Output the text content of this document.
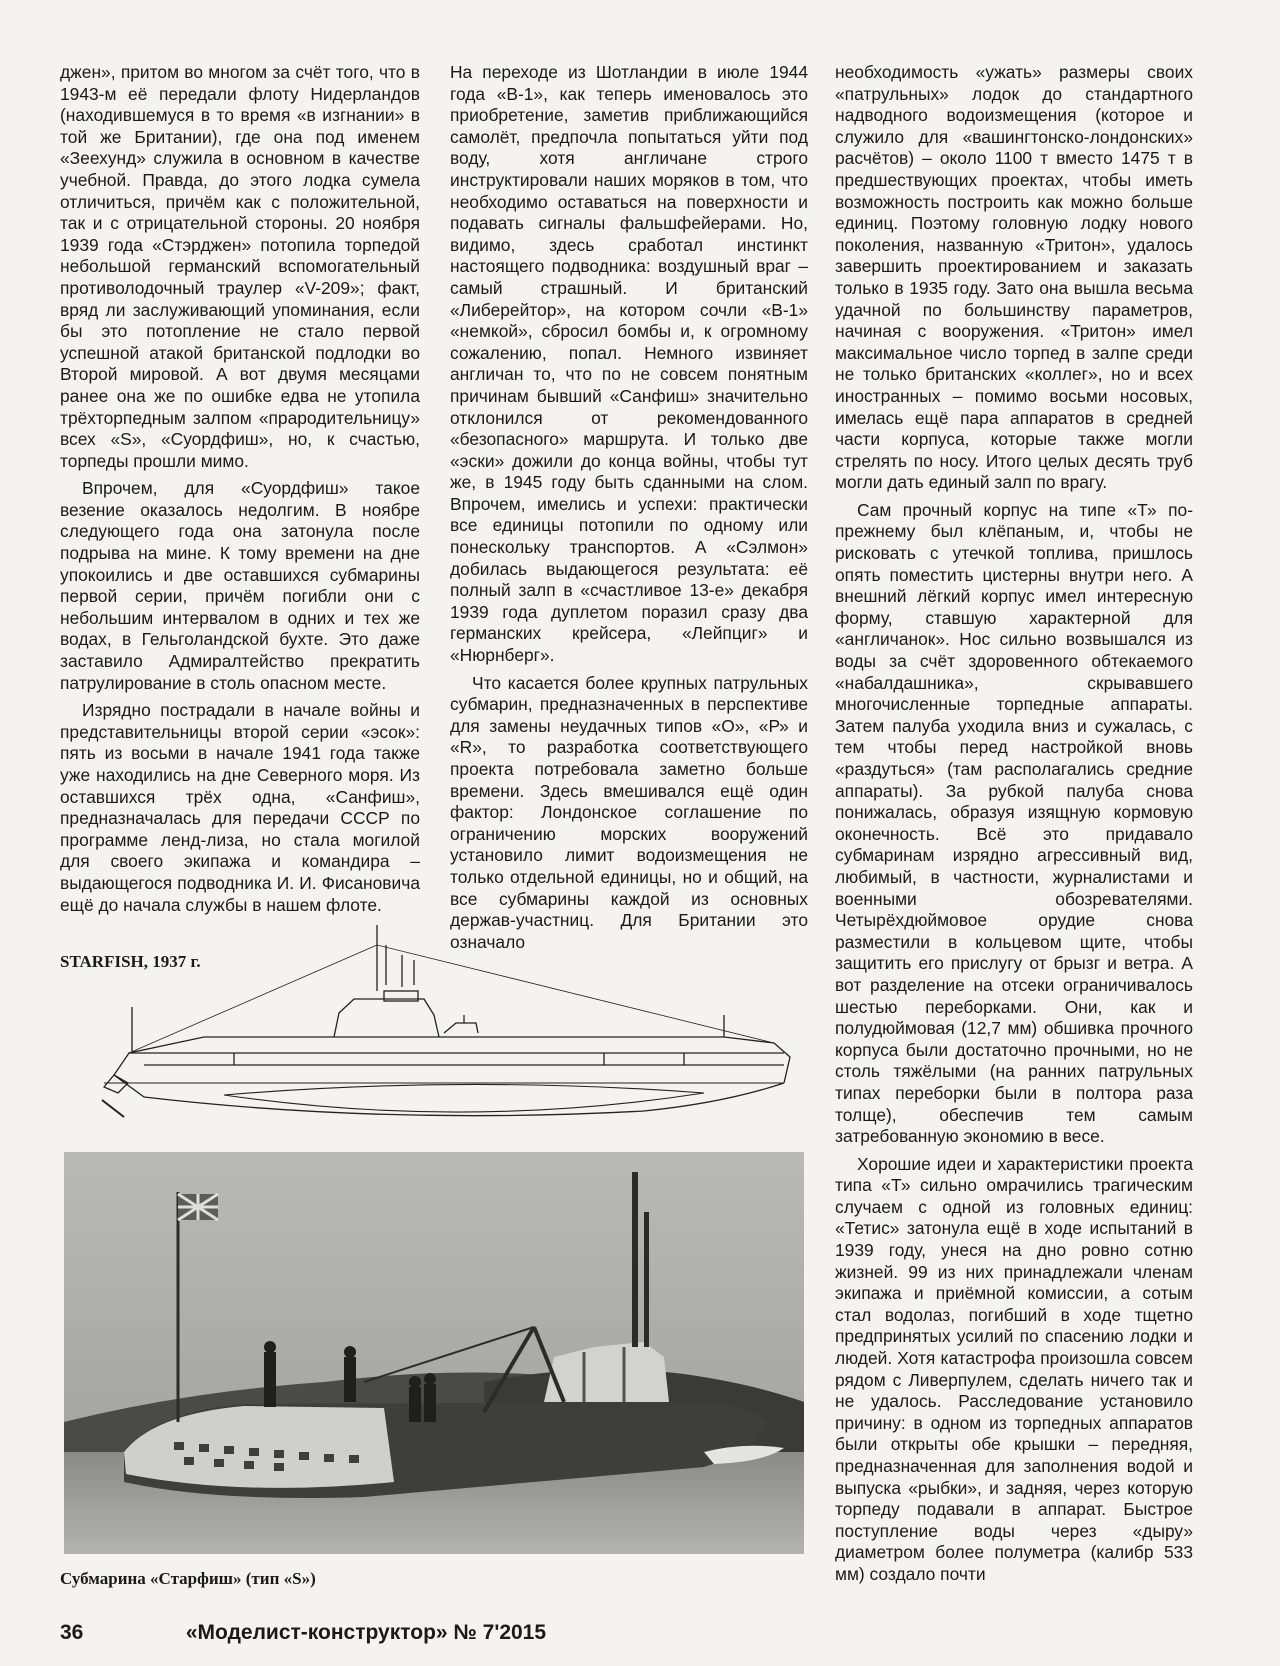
джен», притом во многом за счёт того, что в 1943-м её передали флоту Нидерландов (находившемуся в то время «в изгнании» в той же Британии), где она под именем «Зеехунд» служила в основном в качестве учебной. Правда, до этого лодка сумела отличиться, причём как с положительной, так и с отрицательной стороны. 20 ноября 1939 года «Стэрджен» потопила торпедой небольшой германский вспомогательный противолодочный траулер «V-209»; факт, вряд ли заслуживающий упоминания, если бы это потопление не стало первой успешной атакой британской подлодки во Второй мировой. А вот двумя месяцами ранее она же по ошибке едва не утопила трёхторпедным залпом «прародительницу» всех «S», «Суордфиш», но, к счастью, торпеды прошли мимо.

Впрочем, для «Суордфиш» такое везение оказалось недолгим. В ноябре следующего года она затонула после подрыва на мине. К тому времени на дне упокоились и две оставшихся субмарины первой серии, причём погибли они с небольшим интервалом в одних и тех же водах, в Гельголандской бухте. Это даже заставило Адмиралтейство прекратить патрулирование в столь опасном месте.

Изрядно пострадали в начале войны и представительницы второй серии «эсок»: пять из восьми в начале 1941 года также уже находились на дне Северного моря. Из оставшихся трёх одна, «Санфиш», предназначалась для передачи СССР по программе ленд-лиза, но стала могилой для своего экипажа и командира – выдающегося подводника И. И. Фисановича ещё до начала службы в нашем флоте.

На переходе из Шотландии в июле 1944 года «В-1», как теперь именовалось это приобретение, заметив приближающийся самолёт, предпочла попытаться уйти под воду, хотя англичане строго инструктировали наших моряков в том, что необходимо оставаться на поверхности и подавать сигналы фальшфейерами. Но, видимо, здесь сработал инстинкт настоящего подводника: воздушный враг – самый страшный. И британский «Либерейтор», на котором сочли «В-1» «немкой», сбросил бомбы и, к огромному сожалению, попал. Немного извиняет англичан то, что по не совсем понятным причинам бывший «Санфиш» значительно отклонился от рекомендованного «безопасного» маршрута. И только две «эски» дожили до конца войны, чтобы тут же, в 1945 году быть сданными на слом. Впрочем, имелись и успехи: практически все единицы потопили по одному или понескольку транспортов. А «Сэлмон» добилась выдающегося результата: её полный залп в «счастливое 13-е» декабря 1939 года дуплетом поразил сразу два германских крейсера, «Лейпциг» и «Нюрнберг».

Что касается более крупных патрульных субмарин, предназначенных в перспективе для замены неудачных типов «О», «Р» и «R», то разработка соответствующего проекта потребовала заметно больше времени. Здесь вмешивался ещё один фактор: Лондонское соглашение по ограничению морских вооружений установило лимит водоизмещения не только отдельной единицы, но и общий, на все субмарины каждой из основных держав-участниц. Для Британии это означало

необходимость «ужать» размеры своих «патрульных» лодок до стандартного надводного водоизмещения (которое и служило для «вашингтонско-лондонских» расчётов) – около 1100 т вместо 1475 т в предшествующих проектах, чтобы иметь возможность построить как можно больше единиц. Поэтому головную лодку нового поколения, названную «Тритон», удалось завершить проектированием и заказать только в 1935 году. Зато она вышла весьма удачной по большинству параметров, начиная с вооружения. «Тритон» имел максимальное число торпед в залпе среди не только британских «коллег», но и всех иностранных – помимо восьми носовых, имелась ещё пара аппаратов в средней части корпуса, которые также могли стрелять по носу. Итого целых десять труб могли дать единый залп по врагу.

Сам прочный корпус на типе «Т» по-прежнему был клёпаным, и, чтобы не рисковать с утечкой топлива, пришлось опять поместить цистерны внутри него. А внешний лёгкий корпус имел интересную форму, ставшую характерной для «англичанок». Нос сильно возвышался из воды за счёт здоровенного обтекаемого «набалдашника», скрывавшего многочисленные торпедные аппараты. Затем палуба уходила вниз и сужалась, с тем чтобы перед настройкой вновь «раздуться» (там располагались средние аппараты). За рубкой палуба снова понижалась, образуя изящную кормовую оконечность. Всё это придавало субмаринам изрядно агрессивный вид, любимый, в частности, журналистами и военными обозревателями. Четырёхдюймовое орудие снова разместили в кольцевом щите, чтобы защитить его прислугу от брызг и ветра. А вот разделение на отсеки ограничивалось шестью переборками. Они, как и полудюймовая (12,7 мм) обшивка прочного корпуса были достаточно прочными, но не столь тяжёлыми (на ранних патрульных типах переборки были в полтора раза толще), обеспечив тем самым затребованную экономию в весе.

Хорошие идеи и характеристики проекта типа «Т» сильно омрачились трагическим случаем с одной из головных единиц: «Тетис» затонула ещё в ходе испытаний в 1939 году, унеся на дно ровно сотню жизней. 99 из них принадлежали членам экипажа и приёмной комиссии, а сотым стал водолаз, погибший в ходе тщетно предпринятых усилий по спасению лодки и людей. Хотя катастрофа произошла совсем рядом с Ливерпулем, сделать ничего так и не удалось. Расследование установило причину: в одном из торпедных аппаратов были открыты обе крышки – передняя, предназначенная для заполнения водой и выпуска «рыбки», и задняя, через которую торпеду подавали в аппарат. Быстрое поступление воды через «дыру» диаметром более полуметра (калибр 533 мм) создало почти

STARFISH, 1937 г.
Субмарина «Старфиш» (тип «S»)
36	«Моделист-конструктор» № 7'2015
